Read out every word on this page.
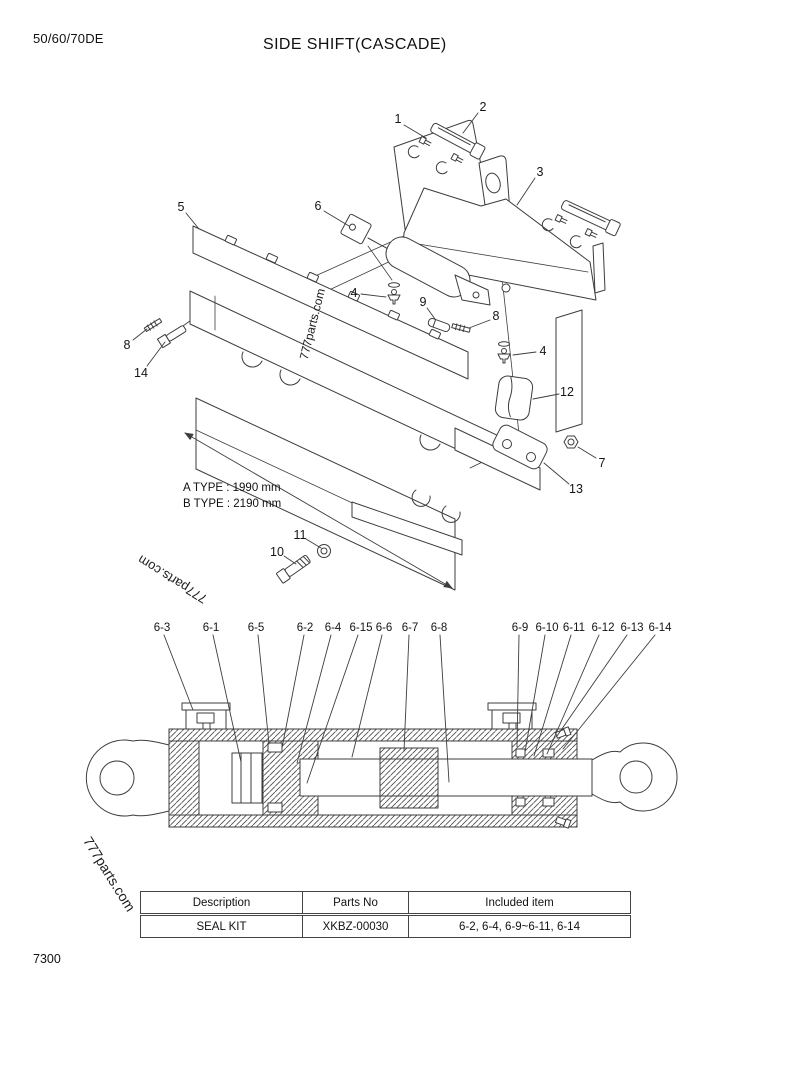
50/60/70DE	SIDE SHIFT(CASCADE)
1
2
3
4
4
5	6
7
8
8
9
10
11
12
13
14
6-3	6-1 6-5	6-2 6-4 6-15 6-6 6-7 6-8	6-9 6-10 6-11 6-12 6-13 6-14
A TYPE : 1990 mm
B TYPE : 2190 mm
777parts.com
777parts.com
777parts.com	Description	Parts No	Included item
SEAL KIT	XKBZ-00030	6-2, 6-4, 6-9~6-11, 6-14
7300
